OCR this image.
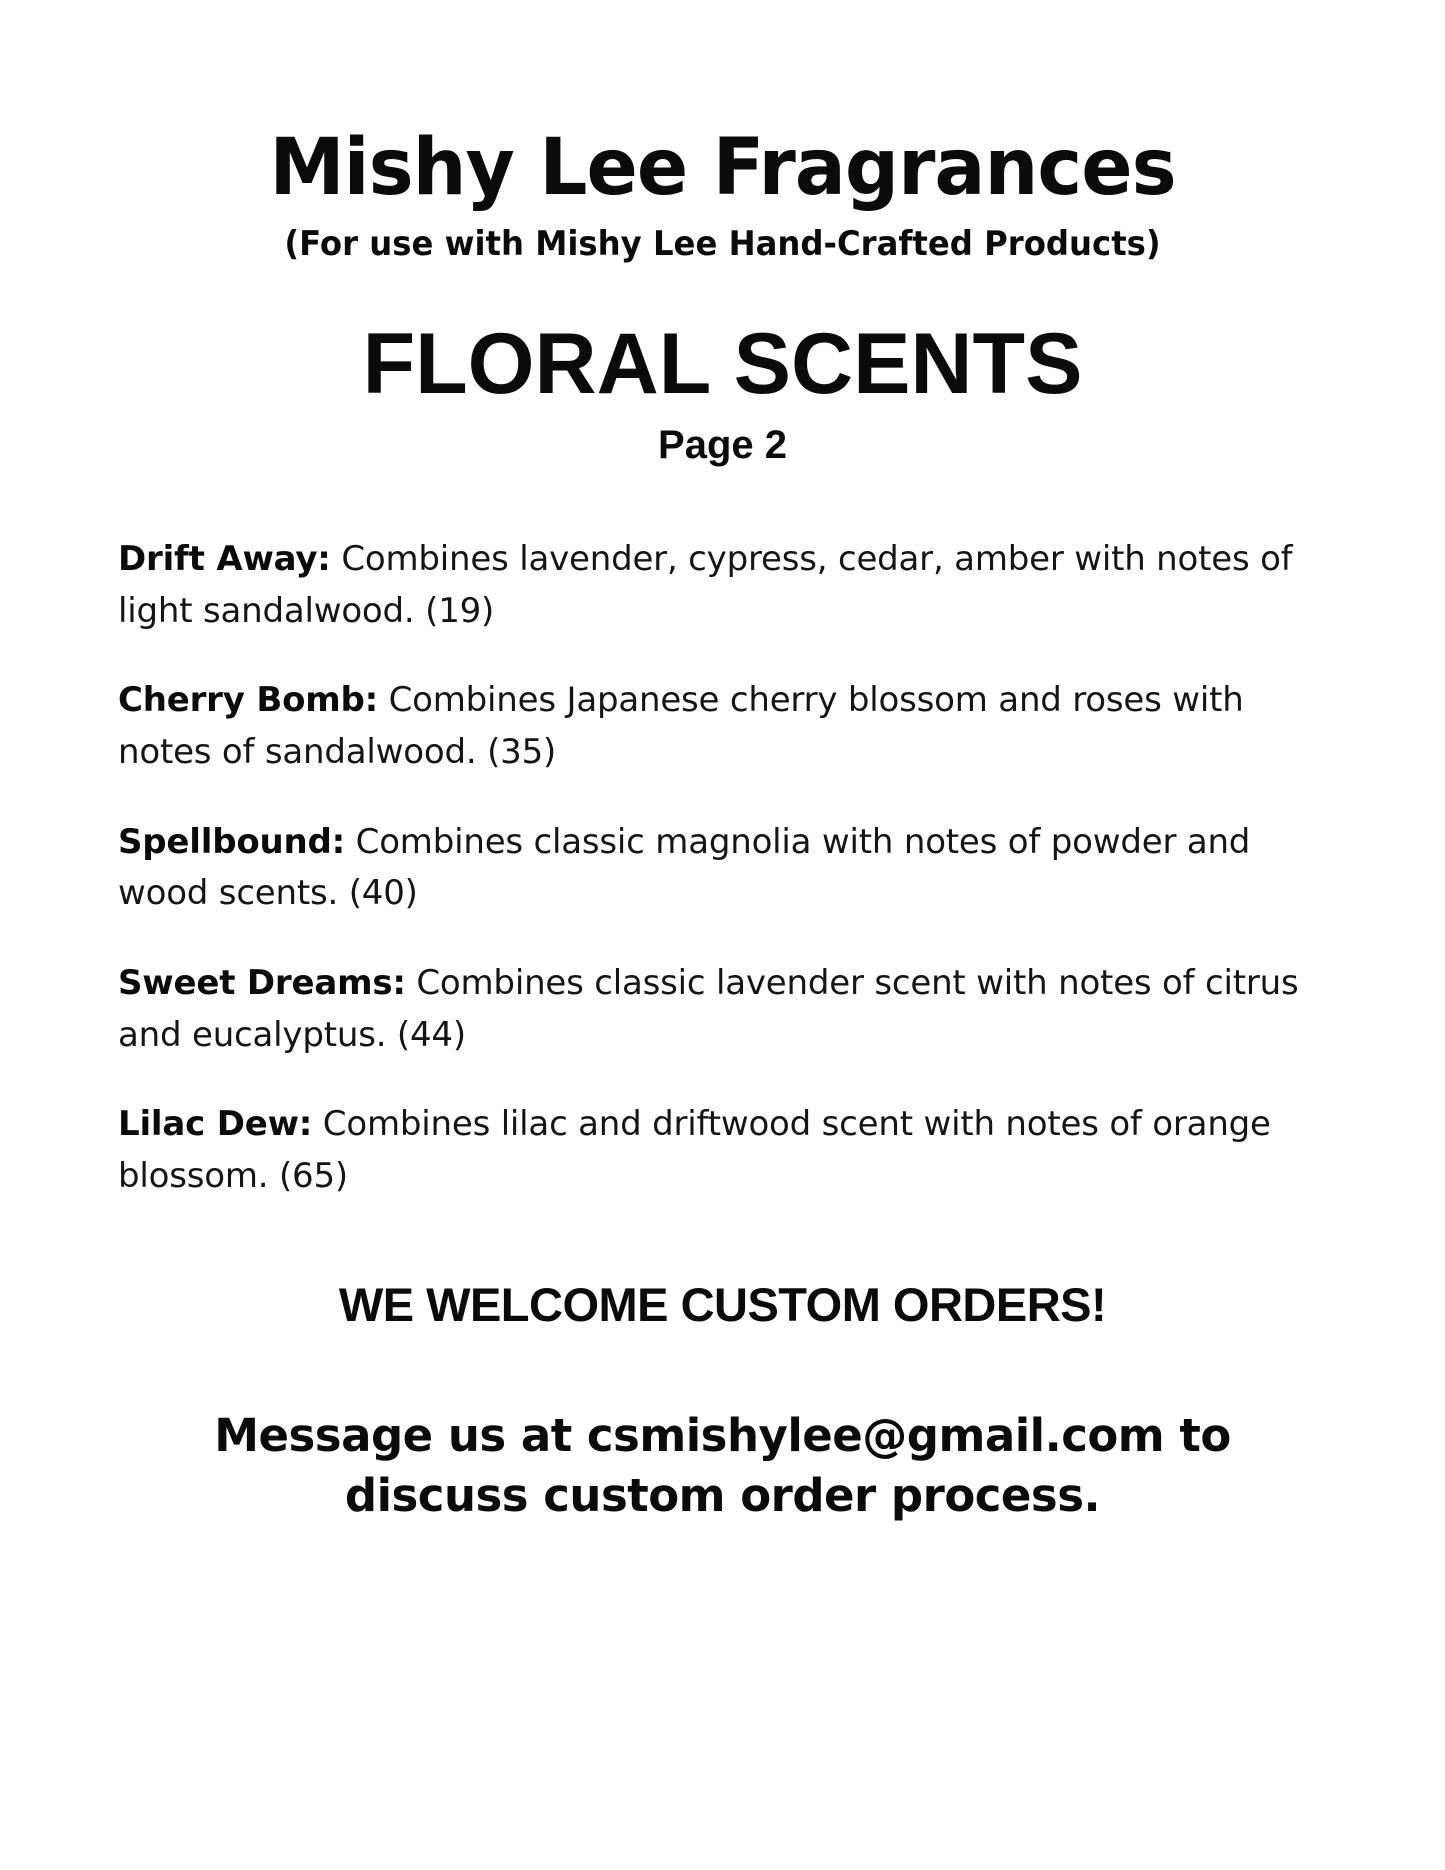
Mishy Lee Fragrances
(For use with Mishy Lee Hand-Crafted Products)
FLORAL SCENTS
Page 2

Drift Away: Combines lavender, cypress, cedar, amber with notes of light sandalwood. (19)

Cherry Bomb: Combines Japanese cherry blossom and roses with notes of sandalwood. (35)

Spellbound: Combines classic magnolia with notes of powder and wood scents. (40)

Sweet Dreams: Combines classic lavender scent with notes of citrus and eucalyptus. (44)

Lilac Dew: Combines lilac and driftwood scent with notes of orange blossom. (65)

WE WELCOME CUSTOM ORDERS!
Message us at csmishylee@gmail.com to discuss custom order process.
